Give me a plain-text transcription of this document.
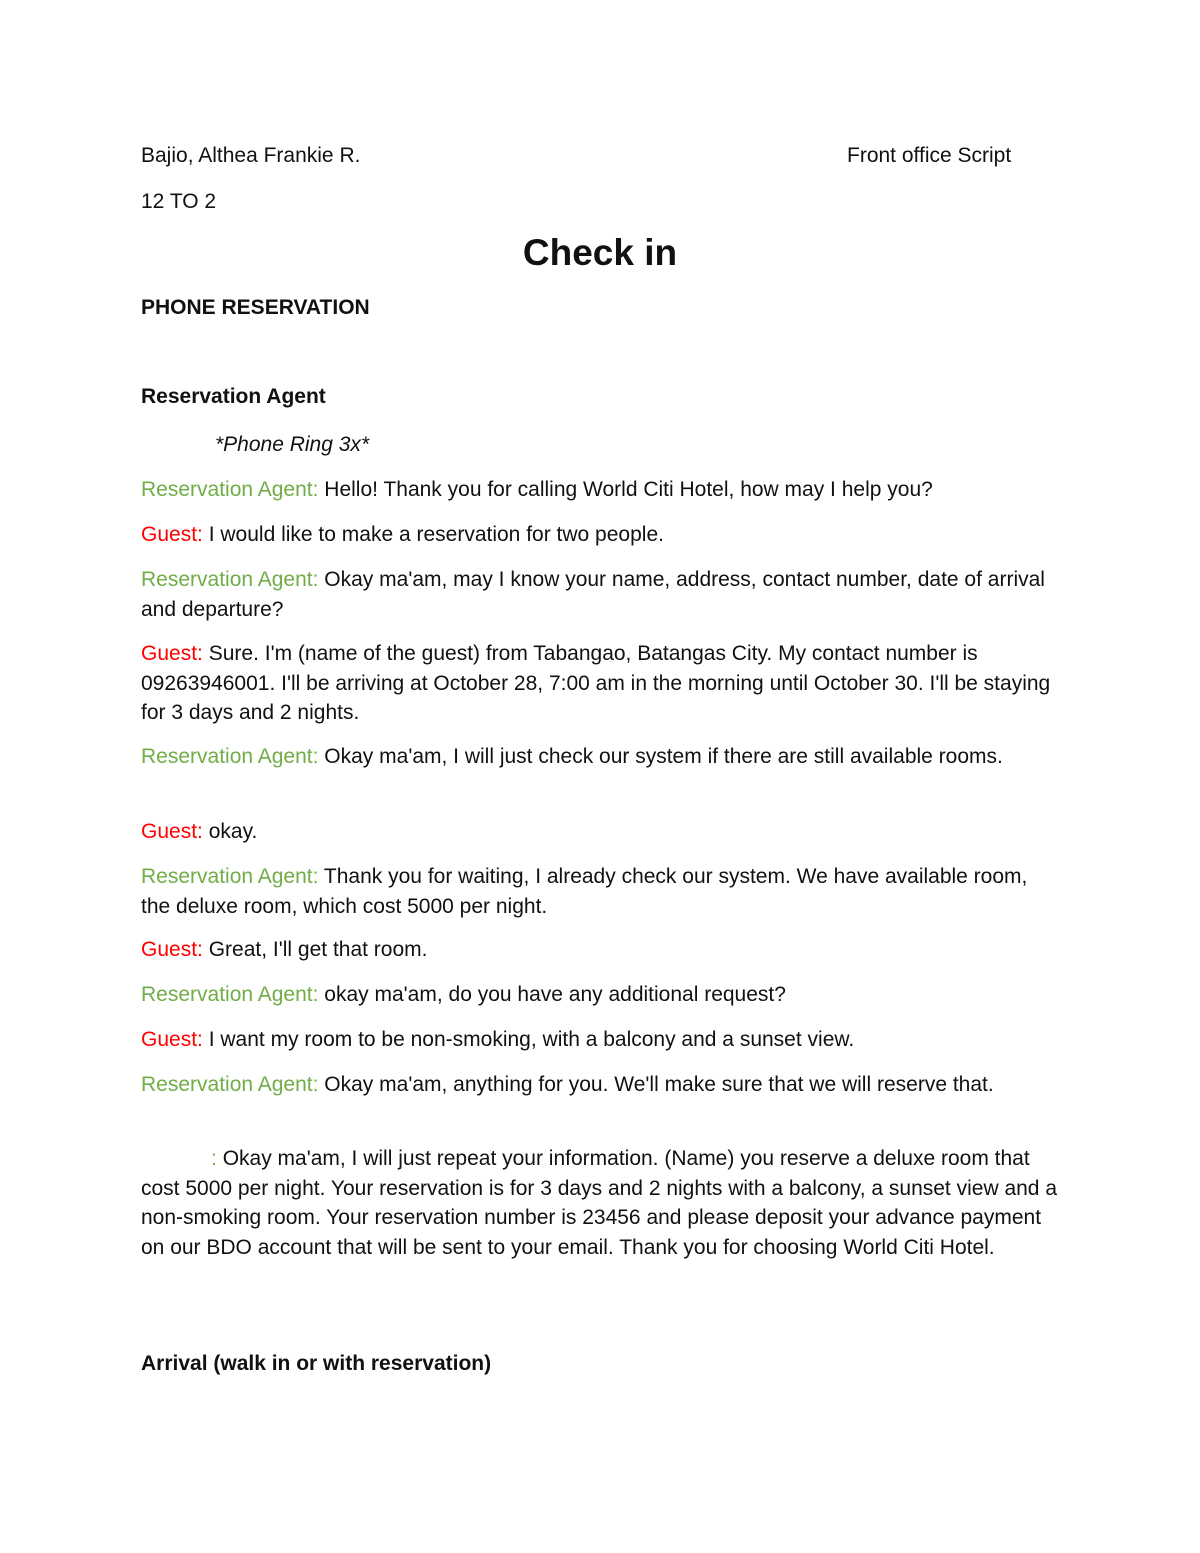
Bajio, Althea Frankie R.	Front office Script

12 TO 2

Check in

PHONE RESERVATION

Reservation Agent

*Phone Ring 3x*

Reservation Agent: Hello! Thank you for calling World Citi Hotel, how may I help you?

Guest: I would like to make a reservation for two people.

Reservation Agent: Okay ma'am, may I know your name, address, contact number, date of arrival and departure?

Guest: Sure. I'm (name of the guest) from Tabangao, Batangas City. My contact number is 09263946001. I'll be arriving at October 28, 7:00 am in the morning until October 30. I'll be staying for 3 days and 2 nights.

Reservation Agent: Okay ma'am, I will just check our system if there are still available rooms.

Guest: okay.

Reservation Agent: Thank you for waiting, I already check our system. We have available room, the deluxe room, which cost 5000 per night.

Guest: Great, I'll get that room.

Reservation Agent: okay ma'am, do you have any additional request?

Guest: I want my room to be non-smoking, with a balcony and a sunset view.

Reservation Agent: Okay ma'am, anything for you. We'll make sure that we will reserve that.

: Okay ma'am, I will just repeat your information. (Name) you reserve a deluxe room that cost 5000 per night. Your reservation is for 3 days and 2 nights with a balcony, a sunset view and a non-smoking room. Your reservation number is 23456 and please deposit your advance payment on our BDO account that will be sent to your email. Thank you for choosing World Citi Hotel.

Arrival (walk in or with reservation)
